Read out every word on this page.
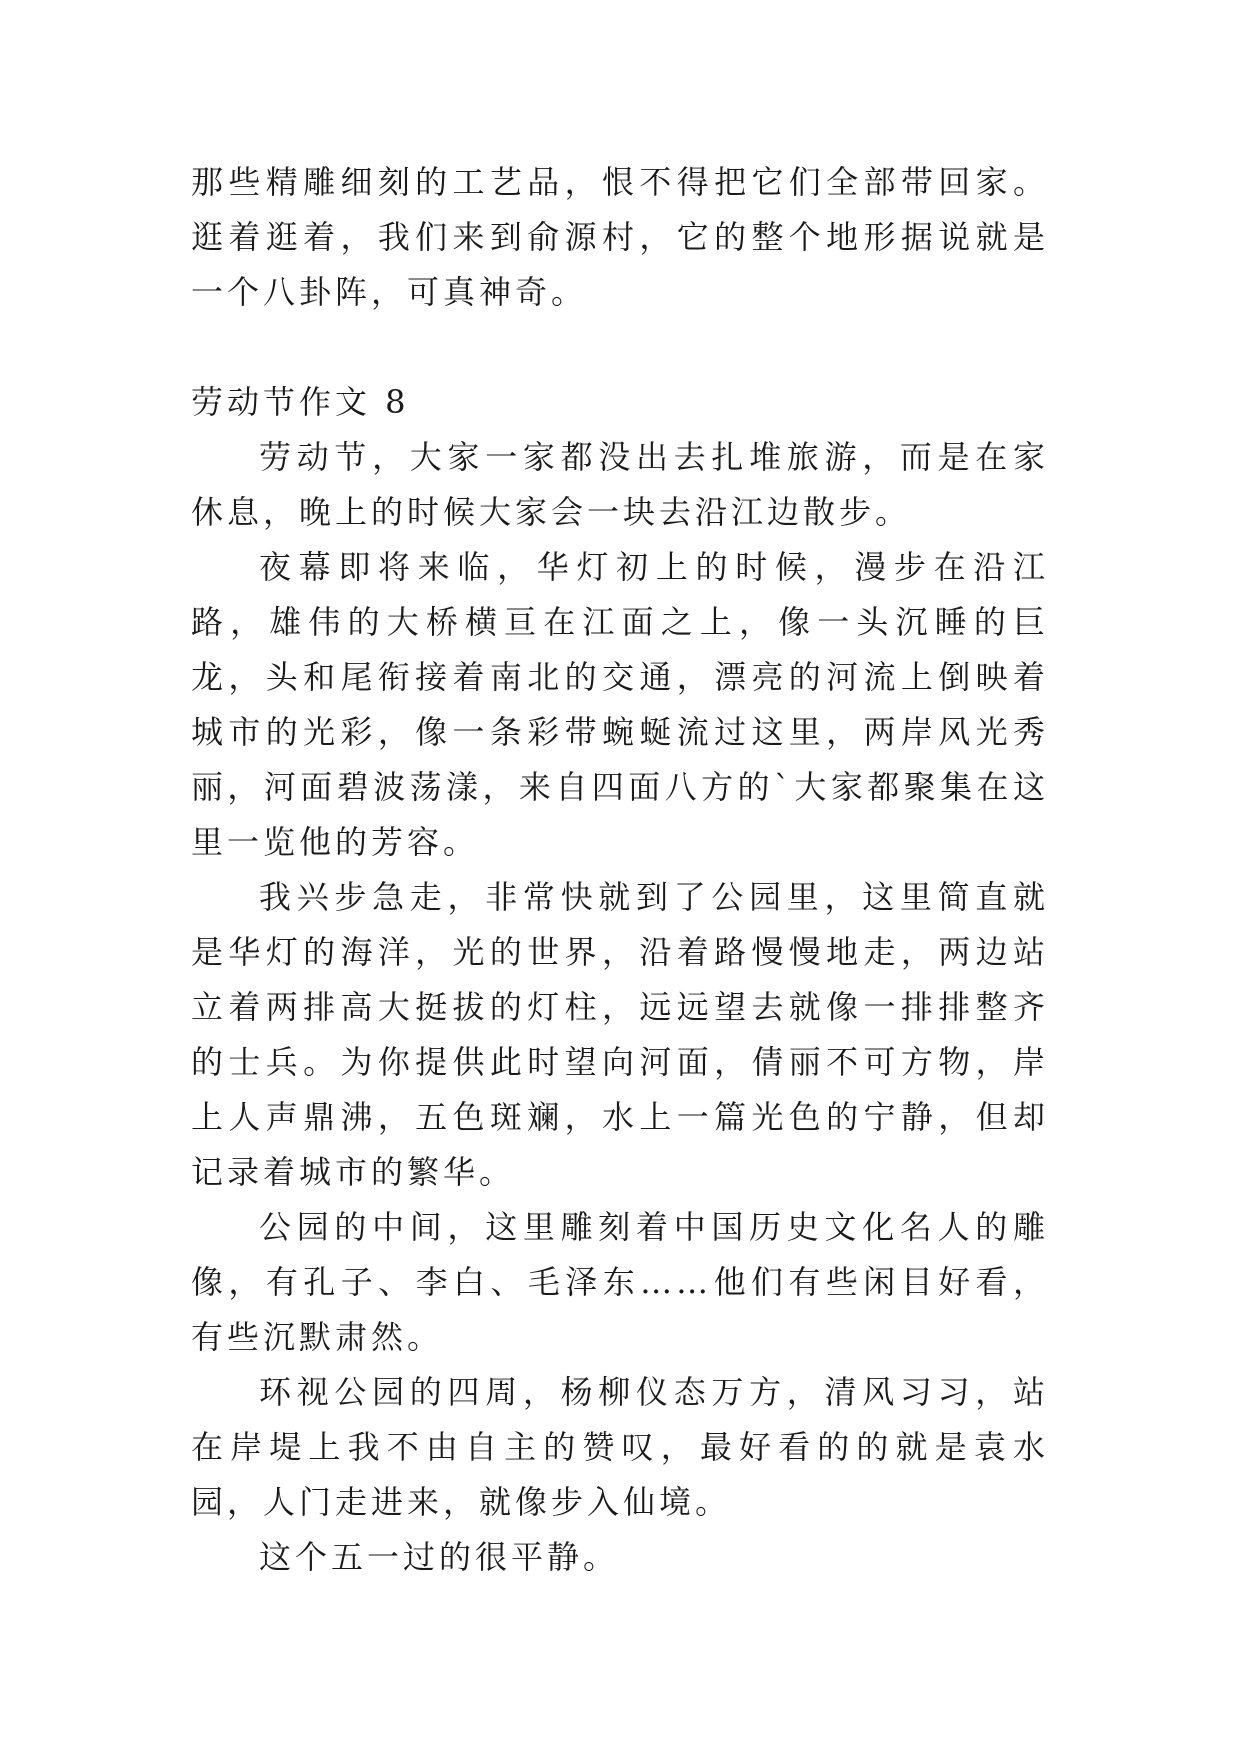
那些精雕细刻的工艺品，恨不得把它们全部带回家。逛着逛着，我们来到俞源村，它的整个地形据说就是一个八卦阵，可真神奇。

劳动节作文 8

劳动节，大家一家都没出去扎堆旅游，而是在家休息，晚上的时候大家会一块去沿江边散步。

夜幕即将来临，华灯初上的时候，漫步在沿江路，雄伟的大桥横亘在江面之上，像一头沉睡的巨龙，头和尾衔接着南北的交通，漂亮的河流上倒映着城市的光彩，像一条彩带蜿蜒流过这里，两岸风光秀丽，河面碧波荡漾，来自四面八方的`大家都聚集在这里一览他的芳容。

我兴步急走，非常快就到了公园里，这里简直就是华灯的海洋，光的世界，沿着路慢慢地走，两边站立着两排高大挺拔的灯柱，远远望去就像一排排整齐的士兵。为你提供此时望向河面，倩丽不可方物，岸上人声鼎沸，五色斑斓，水上一篇光色的宁静，但却记录着城市的繁华。

公园的中间，这里雕刻着中国历史文化名人的雕像，有孔子、李白、毛泽东……他们有些闲目好看，有些沉默肃然。

环视公园的四周，杨柳仪态万方，清风习习，站在岸堤上我不由自主的赞叹，最好看的的就是袁水园，人门走进来，就像步入仙境。

这个五一过的很平静。
